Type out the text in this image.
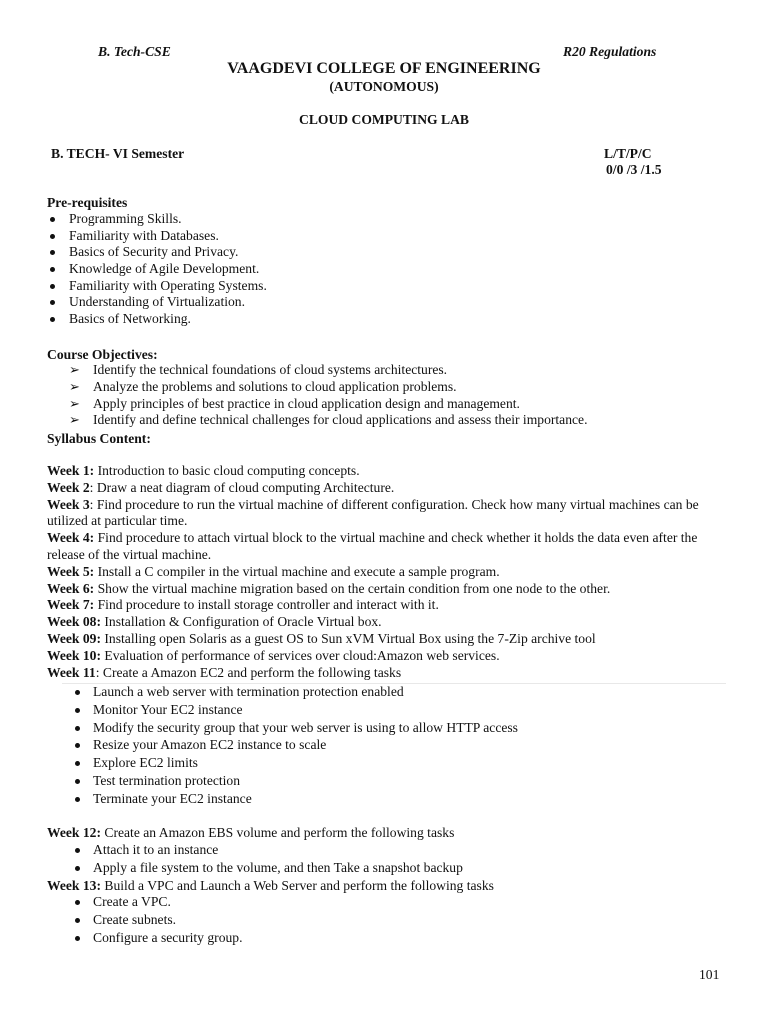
B. Tech-CSE	R20 Regulations
VAAGDEVI COLLEGE OF ENGINEERING
(AUTONOMOUS)
CLOUD COMPUTING LAB
B. TECH- VI Semester	L/T/P/C
0/0 /3 /1.5
Pre-requisites
Programming Skills.
Familiarity with Databases.
Basics of Security and Privacy.
Knowledge of Agile Development.
Familiarity with Operating Systems.
Understanding of Virtualization.
Basics of Networking.
Course Objectives:
➢ Identify the technical foundations of cloud systems architectures.
➢ Analyze the problems and solutions to cloud application problems.
➢ Apply principles of best practice in cloud application design and management.
➢ Identify and define technical challenges for cloud applications and assess their importance.
Syllabus Content:

Week 1: Introduction to basic cloud computing concepts.

Week 2: Draw a neat diagram of cloud computing Architecture.

Week 3: Find procedure to run the virtual machine of different configuration. Check how many virtual machines can be utilized at particular time.

Week 4: Find procedure to attach virtual block to the virtual machine and check whether it holds the data even after the release of the virtual machine.

Week 5: Install a C compiler in the virtual machine and execute a sample program.

Week 6: Show the virtual machine migration based on the certain condition from one node to the other.

Week 7: Find procedure to install storage controller and interact with it.

Week 08: Installation & Configuration of Oracle Virtual box.

Week 09: Installing open Solaris as a guest OS to Sun xVM Virtual Box using the 7-Zip archive tool

Week 10: Evaluation of performance of services over cloud:Amazon web services.

Week 11: Create a Amazon EC2 and perform the following tasks

Launch a web server with termination protection enabled
Monitor Your EC2 instance
Modify the security group that your web server is using to allow HTTP access
Resize your Amazon EC2 instance to scale
Explore EC2 limits
Test termination protection
Terminate your EC2 instance
Week 12: Create an Amazon EBS volume and perform the following tasks
Attach it to an instance
Apply a file system to the volume, and then Take a snapshot backup
Week 13: Build a VPC and Launch a Web Server and perform the following tasks
Create a VPC.
Create subnets.
Configure a security group.
101
